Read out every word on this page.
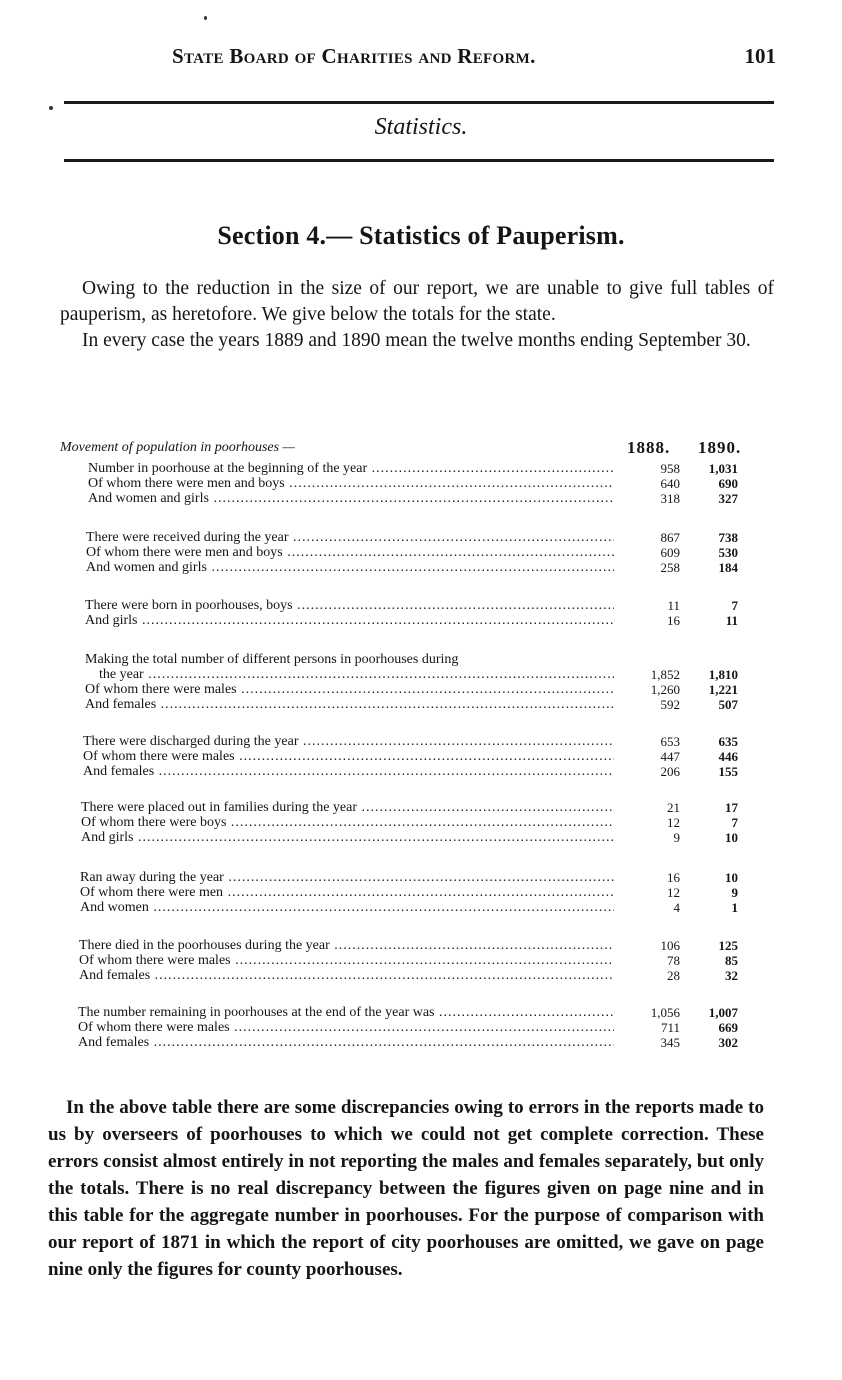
State Board of Charities and Reform.	101
Statistics.
Section 4.— Statistics of Pauperism.

Owing to the reduction in the size of our report, we are unable to give full tables of pauperism, as heretofore. We give below the totals for the state.

In every case the years 1889 and 1890 mean the twelve months ending September 30.

Movement of population in poorhouses —	1888. 1890.
Number in poorhouse at the beginning of the year .....	958	1,031
Of whom there were men and boys .....	640	690
And women and girls .....	318	327
There were received during the year .....	867	738
Of whom there were men and boys .....	609	530
And women and girls .....	258	184
There were born in poorhouses, boys .....	11	7
And girls .....	16	11
Making the total number of different persons in poorhouses during
the year .....	1,852	1,810
Of whom there were males .....	1,260	1,221
And females .....	592	507
There were discharged during the year .....	653	635
Of whom there were males .....	447	446
And females .....	206	155
There were placed out in families during the year .....	21	17
Of whom there were boys .....	12	7
And girls .....	9	10
Ran away during the year .....	16	10
Of whom there were men .....	12	9
And women .....	4	1
There died in the poorhouses during the year .....	106	125
Of whom there were males .....	78	85
And females .....	28	32
The number remaining in poorhouses at the end of the year was .....	1,056	1,007
Of whom there were males .....	711	669
And females .....	345	302

In the above table there are some discrepancies owing to errors in the reports made to us by overseers of poorhouses to which we could not get complete correction. These errors consist almost entirely in not reporting the males and females separately, but only the totals. There is no real discrepancy between the figures given on page nine and in this table for the aggregate number in poorhouses. For the purpose of comparison with our report of 1871 in which the report of city poorhouses are omitted, we gave on page nine only the figures for county poorhouses.
